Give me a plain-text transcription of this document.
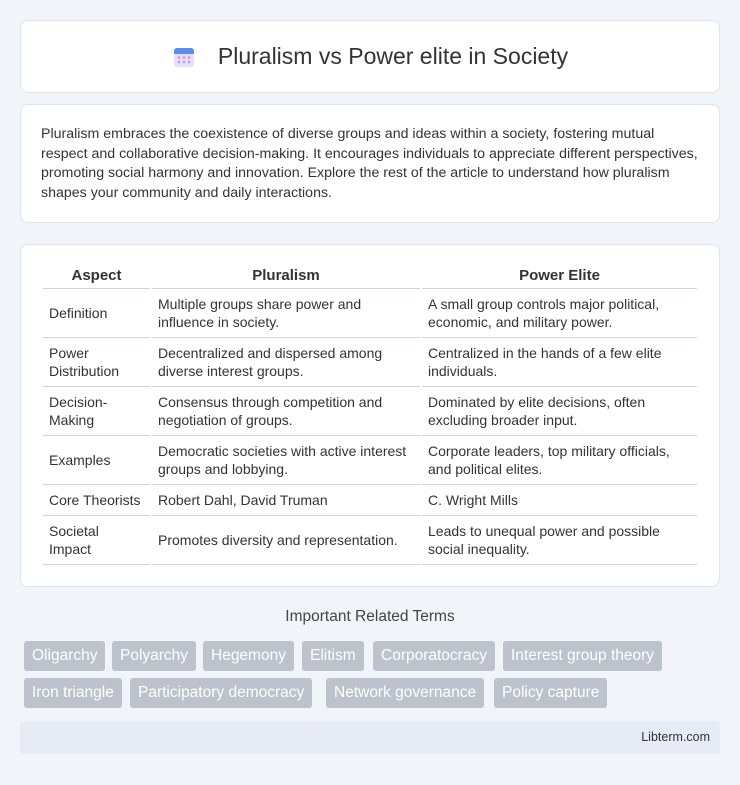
Pluralism vs Power elite in Society

Pluralism embraces the coexistence of diverse groups and ideas within a society, fostering mutual respect and collaborative decision-making. It encourages individuals to appreciate different perspectives, promoting social harmony and innovation. Explore the rest of the article to understand how pluralism shapes your community and daily interactions.

Aspect	Pluralism	Power Elite
Definition	Multiple groups share power and influence in society.	A small group controls major political, economic, and military power.
Power Distribution	Decentralized and dispersed among diverse interest groups.	Centralized in the hands of a few elite individuals.
Decision-Making	Consensus through competition and negotiation of groups.	Dominated by elite decisions, often excluding broader input.
Examples	Democratic societies with active interest groups and lobbying.	Corporate leaders, top military officials, and political elites.
Core Theorists	Robert Dahl, David Truman	C. Wright Mills
Societal Impact	Promotes diversity and representation.	Leads to unequal power and possible social inequality.
Important Related Terms
Oligarchy	Polyarchy	Hegemony	Elitism	Corporatocracy	Interest group theory
Iron triangle	Participatory democracy	Network governance	Policy capture
Libterm.com
